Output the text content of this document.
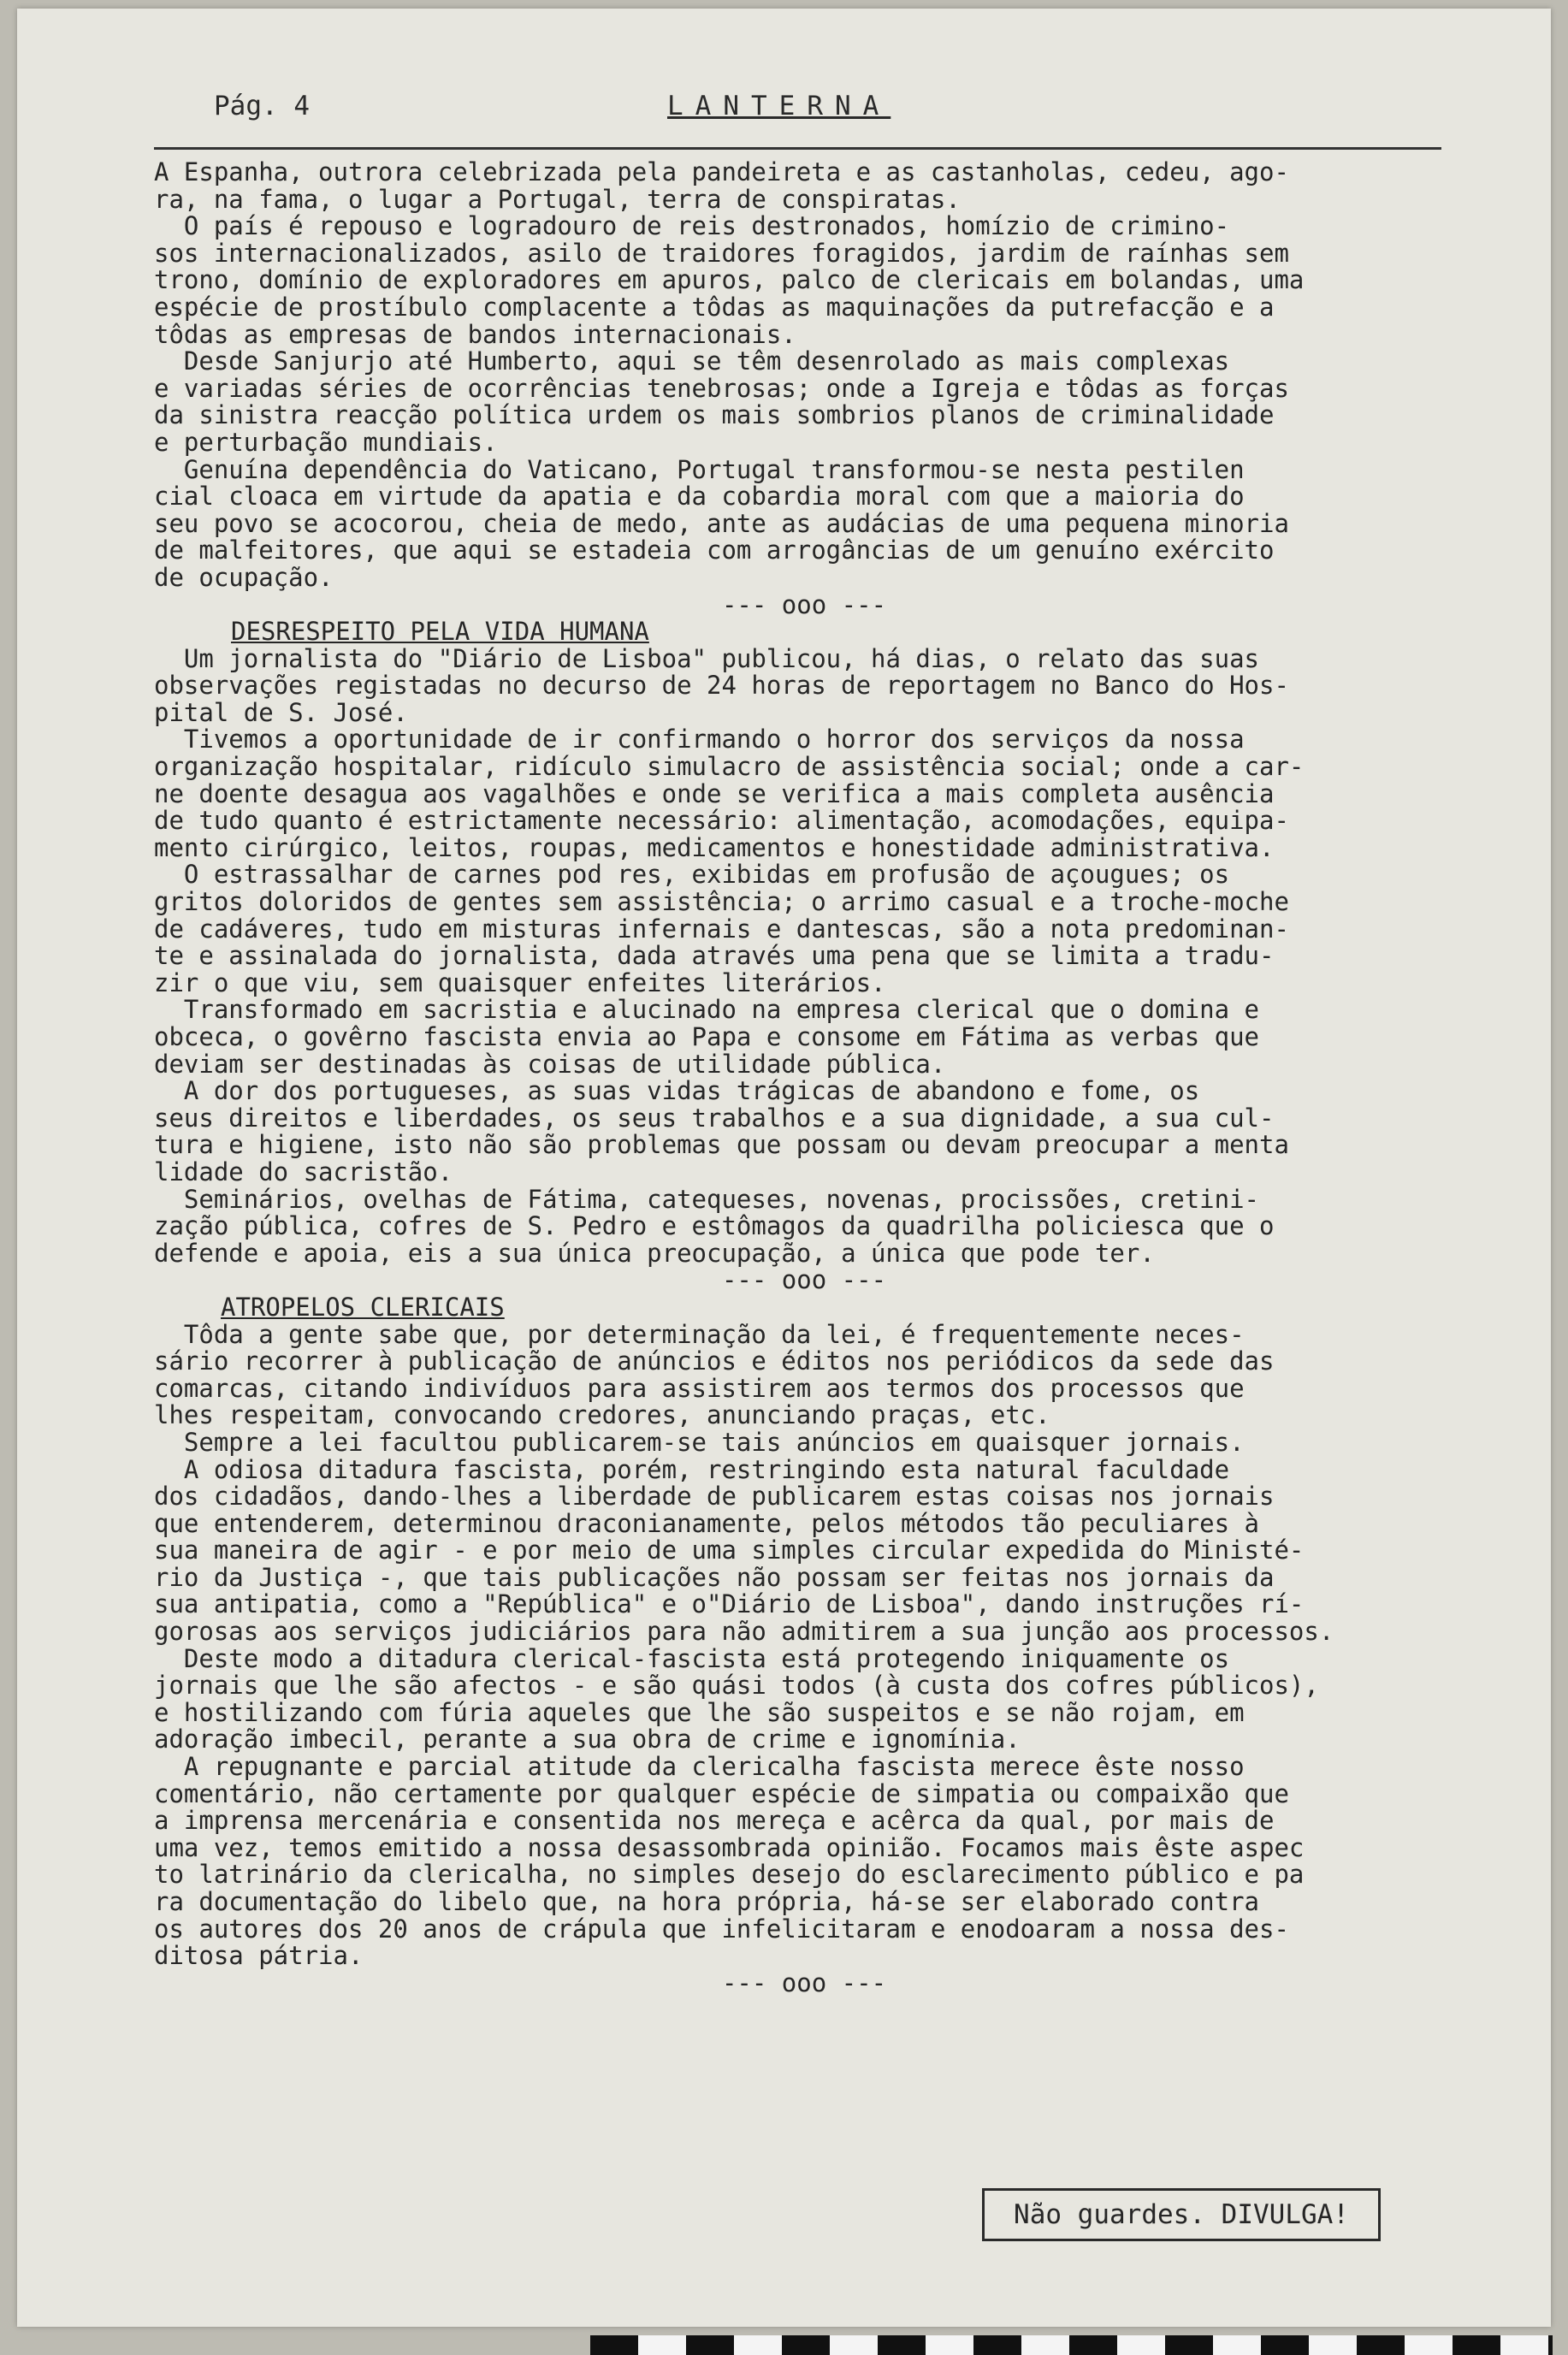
Pág. 4	LANTERNA
A Espanha, outrora celebrizada pela pandeireta e as castanholas, cedeu, ago-
ra, na fama, o lugar a Portugal, terra de conspiratas.
O país é repouso e logradouro de reis destronados, homízio de crimino-
sos internacionalizados, asilo de traidores foragidos, jardim de raínhas sem
trono, domínio de exploradores em apuros, palco de clericais em bolandas, uma
espécie de prostíbulo complacente a tôdas as maquinações da putrefacção e a
tôdas as empresas de bandos internacionais.
Desde Sanjurjo até Humberto, aqui se têm desenrolado as mais complexas
e variadas séries de ocorrências tenebrosas; onde a Igreja e tôdas as forças
da sinistra reacção política urdem os mais sombrios planos de criminalidade
e perturbação mundiais.
Genuína dependência do Vaticano, Portugal transformou-se nesta pestilen
cial cloaca em virtude da apatia e da cobardia moral com que a maioria do
seu povo se acocorou, cheia de medo, ante as audácias de uma pequena minoria
de malfeitores, que aqui se estadeia com arrogâncias de um genuíno exército
de ocupação.
--- ooo ---
DESRESPEITO PELA VIDA HUMANA
Um jornalista do "Diário de Lisboa" publicou, há dias, o relato das suas
observações registadas no decurso de 24 horas de reportagem no Banco do Hos-
pital de S. José.
Tivemos a oportunidade de ir confirmando o horror dos serviços da nossa
organização hospitalar, ridículo simulacro de assistência social; onde a car-
ne doente desagua aos vagalhões e onde se verifica a mais completa ausência
de tudo quanto é estrictamente necessário: alimentação, acomodações, equipa-
mento cirúrgico, leitos, roupas, medicamentos e honestidade administrativa.
O estrassalhar de carnes pod res, exibidas em profusão de açougues; os
gritos doloridos de gentes sem assistência; o arrimo casual e a troche-moche
de cadáveres, tudo em misturas infernais e dantescas, são a nota predominan-
te e assinalada do jornalista, dada através uma pena que se limita a tradu-
zir o que viu, sem quaisquer enfeites literários.
Transformado em sacristia e alucinado na empresa clerical que o domina e
obceca, o govêrno fascista envia ao Papa e consome em Fátima as verbas que
deviam ser destinadas às coisas de utilidade pública.
A dor dos portugueses, as suas vidas trágicas de abandono e fome, os
seus direitos e liberdades, os seus trabalhos e a sua dignidade, a sua cul-
tura e higiene, isto não são problemas que possam ou devam preocupar a menta
lidade do sacristão.
Seminários, ovelhas de Fátima, catequeses, novenas, procissões, cretini-
zação pública, cofres de S. Pedro e estômagos da quadrilha policiesca que o
defende e apoia, eis a sua única preocupação, a única que pode ter.
--- ooo ---
ATROPELOS CLERICAIS
Tôda a gente sabe que, por determinação da lei, é frequentemente neces-
sário recorrer à publicação de anúncios e éditos nos periódicos da sede das
comarcas, citando indivíduos para assistirem aos termos dos processos que
lhes respeitam, convocando credores, anunciando praças, etc.
Sempre a lei facultou publicarem-se tais anúncios em quaisquer jornais.
A odiosa ditadura fascista, porém, restringindo esta natural faculdade
dos cidadãos, dando-lhes a liberdade de publicarem estas coisas nos jornais
que entenderem, determinou draconianamente, pelos métodos tão peculiares à
sua maneira de agir - e por meio de uma simples circular expedida do Ministé-
rio da Justiça -, que tais publicações não possam ser feitas nos jornais da
sua antipatia, como a "República" e o"Diário de Lisboa", dando instruções rí-
gorosas aos serviços judiciários para não admitirem a sua junção aos processos.
Deste modo a ditadura clerical-fascista está protegendo iniquamente os
jornais que lhe são afectos - e são quási todos (à custa dos cofres públicos),
e hostilizando com fúria aqueles que lhe são suspeitos e se não rojam, em
adoração imbecil, perante a sua obra de crime e ignomínia.
A repugnante e parcial atitude da clericalha fascista merece êste nosso
comentário, não certamente por qualquer espécie de simpatia ou compaixão que
a imprensa mercenária e consentida nos mereça e acêrca da qual, por mais de
uma vez, temos emitido a nossa desassombrada opinião. Focamos mais êste aspec
to latrinário da clericalha, no simples desejo do esclarecimento público e pa
ra documentação do libelo que, na hora própria, há-se ser elaborado contra
os autores dos 20 anos de crápula que infelicitaram e enodoaram a nossa des-
ditosa pátria.
--- ooo ---
Não guardes. DIVULGA!
